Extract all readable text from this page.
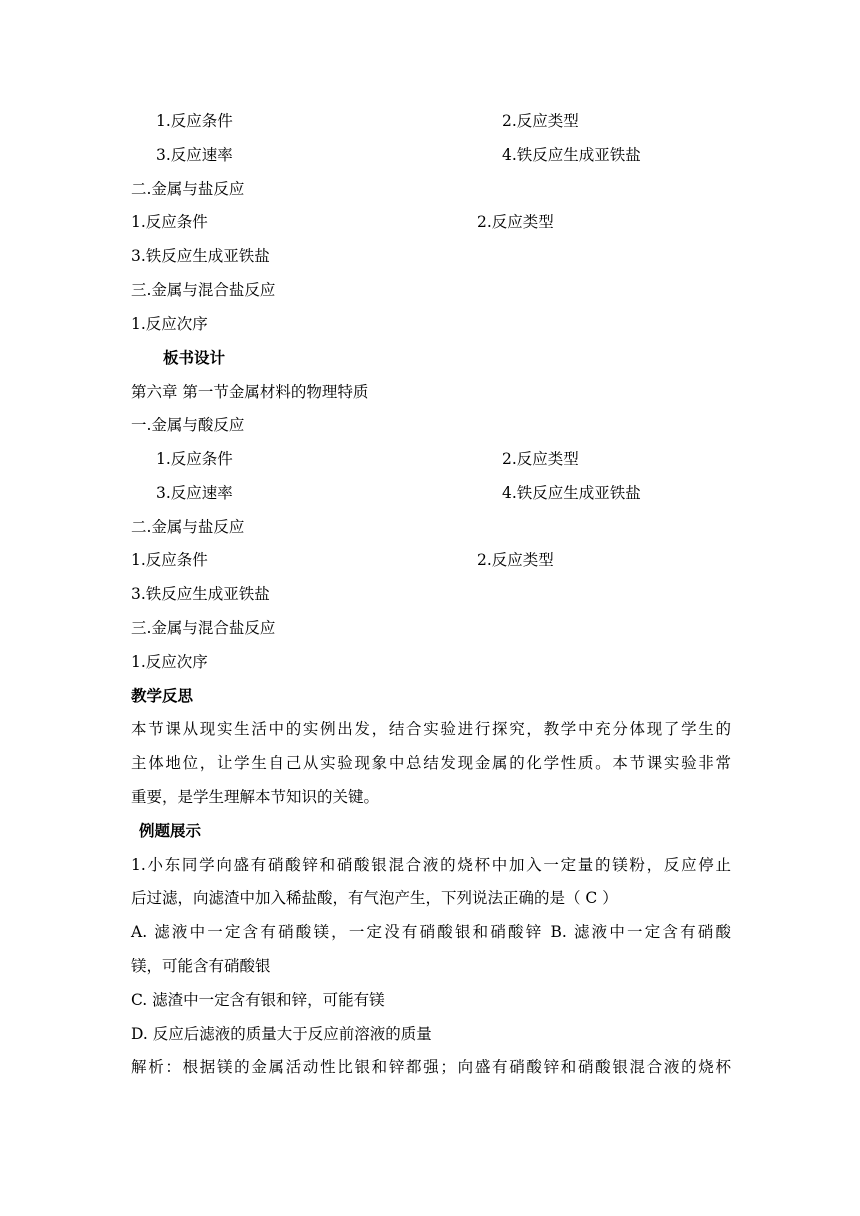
1.反应条件	2.反应类型
3.反应速率	4.铁反应生成亚铁盐
二.金属与盐反应
1.反应条件	2.反应类型
3.铁反应生成亚铁盐
三.金属与混合盐反应
1.反应次序
板书设计
第六章 第一节金属材料的物理特质
一.金属与酸反应
1.反应条件	2.反应类型
3.反应速率	4.铁反应生成亚铁盐
二.金属与盐反应
1.反应条件	2.反应类型
3.铁反应生成亚铁盐
三.金属与混合盐反应
1.反应次序
教学反思
本节课从现实生活中的实例出发，结合实验进行探究，教学中充分体现了学生的
主体地位，让学生自己从实验现象中总结发现金属的化学性质。本节课实验非常
重要，是学生理解本节知识的关键。
例题展示
1.小东同学向盛有硝酸锌和硝酸银混合液的烧杯中加入一定量的镁粉，反应停止
后过滤，向滤渣中加入稀盐酸，有气泡产生，下列说法正确的是（ C ）
A. 滤液中一定含有硝酸镁，一定没有硝酸银和硝酸锌 B. 滤液中一定含有硝酸
镁，可能含有硝酸银
C. 滤渣中一定含有银和锌，可能有镁
D. 反应后滤液的质量大于反应前溶液的质量
解析：根据镁的金属活动性比银和锌都强；向盛有硝酸锌和硝酸银混合液的烧杯
